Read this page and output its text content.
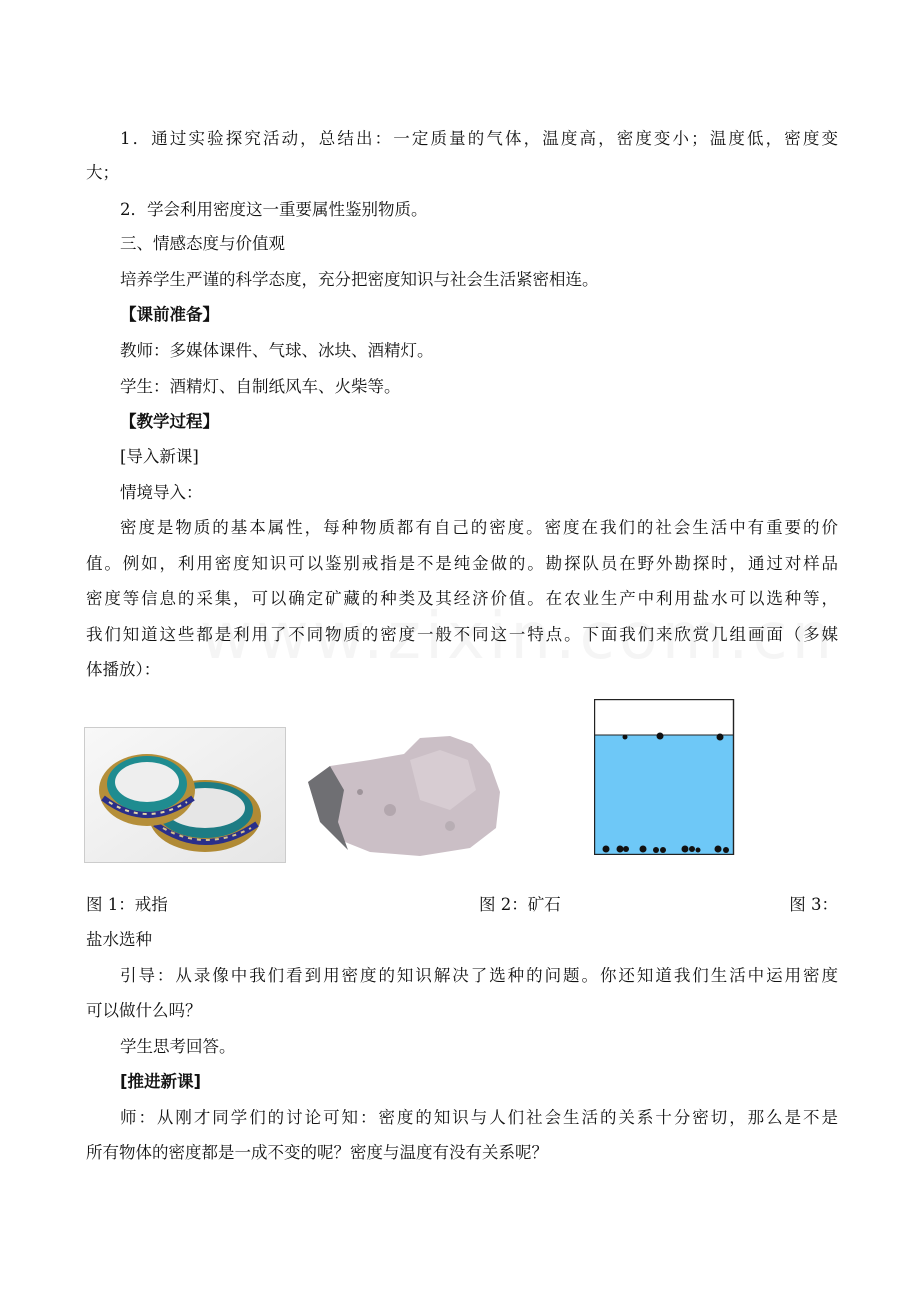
1．通过实验探究活动，总结出：一定质量的气体，温度高，密度变小；温度低，密度变
大；
2．学会利用密度这一重要属性鉴别物质。
三、情感态度与价值观
培养学生严谨的科学态度，充分把密度知识与社会生活紧密相连。
【课前准备】
教师：多媒体课件、气球、冰块、酒精灯。
学生：酒精灯、自制纸风车、火柴等。
【教学过程】
[导入新课]
情境导入：
密度是物质的基本属性，每种物质都有自己的密度。密度在我们的社会生活中有重要的价
值。例如，利用密度知识可以鉴别戒指是不是纯金做的。勘探队员在野外勘探时，通过对样品
密度等信息的采集，可以确定矿藏的种类及其经济价值。在农业生产中利用盐水可以选种等，
我们知道这些都是利用了不同物质的密度一般不同这一特点。下面我们来欣赏几组画面（多媒
体播放）：
图 1：戒指	图 2：矿石	图 3：
盐水选种
引导：从录像中我们看到用密度的知识解决了选种的问题。你还知道我们生活中运用密度
可以做什么吗？
学生思考回答。
[推进新课]
师：从刚才同学们的讨论可知：密度的知识与人们社会生活的关系十分密切，那么是不是
所有物体的密度都是一成不变的呢？密度与温度有没有关系呢？
